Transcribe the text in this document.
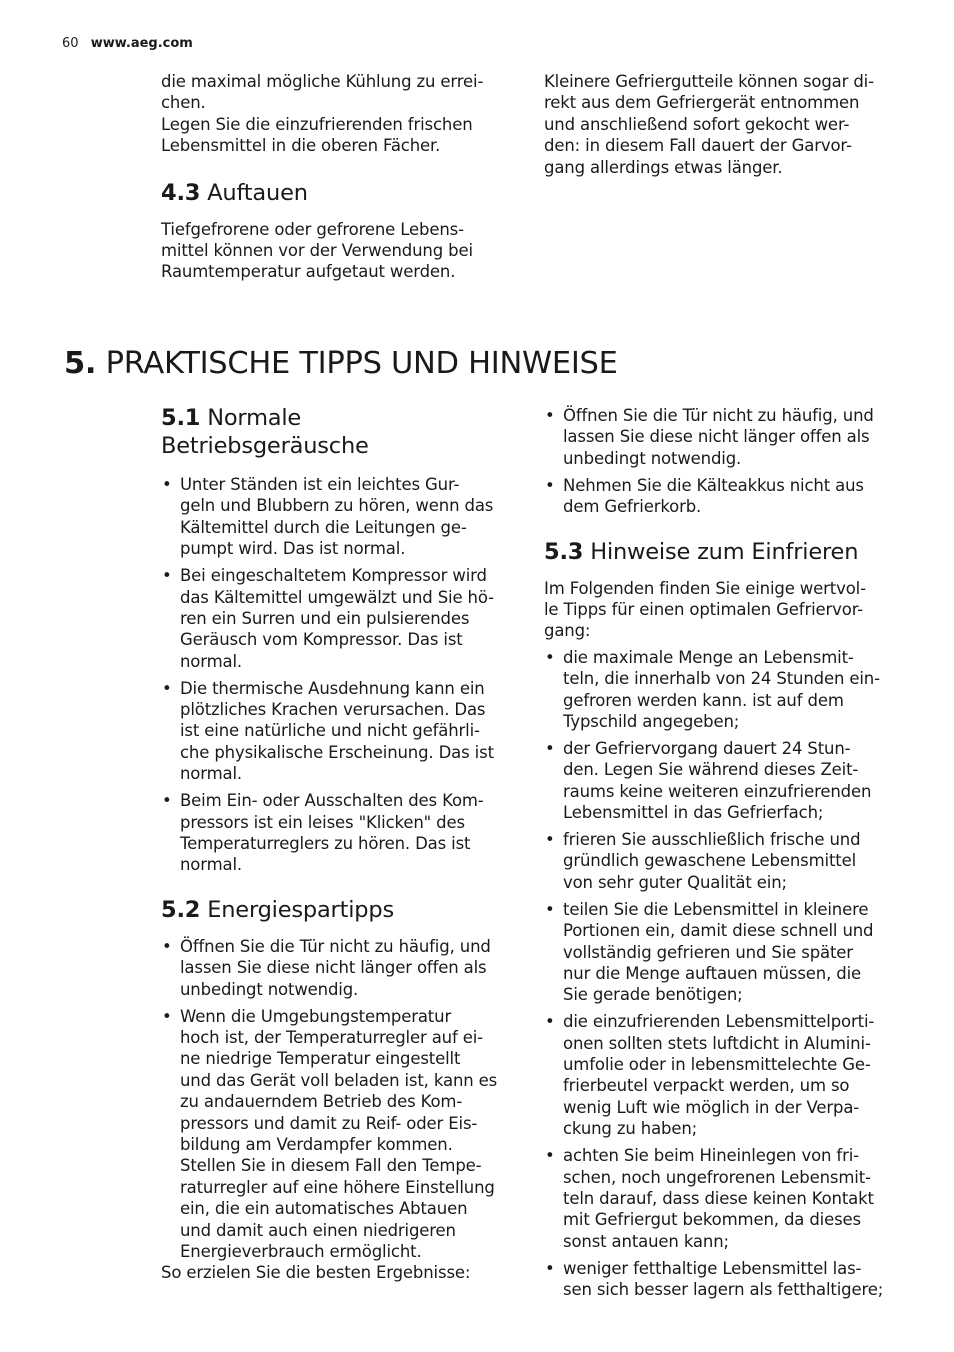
60 www.aeg.com

die maximal mögliche Kühlung zu errei-
chen.
Legen Sie die einzufrierenden frischen
Lebensmittel in die oberen Fächer.

4.3 Auftauen

Tiefgefrorene oder gefrorene Lebens-
mittel können vor der Verwendung bei
Raumtemperatur aufgetaut werden.

Kleinere Gefriergutteile können sogar di-
rekt aus dem Gefriergerät entnommen
und anschließend sofort gekocht wer-
den: in diesem Fall dauert der Garvor-
gang allerdings etwas länger.

5. PRAKTISCHE TIPPS UND HINWEISE
5.1 Normale
Betriebsgeräusche
• Unter Ständen ist ein leichtes Gur-
geln und Blubbern zu hören, wenn das
Kältemittel durch die Leitungen ge-
pumpt wird. Das ist normal.
• Bei eingeschaltetem Kompressor wird
das Kältemittel umgewälzt und Sie hö-
ren ein Surren und ein pulsierendes
Geräusch vom Kompressor. Das ist
normal.
• Die thermische Ausdehnung kann ein
plötzliches Krachen verursachen. Das
ist eine natürliche und nicht gefährli-
che physikalische Erscheinung. Das ist
normal.
• Beim Ein- oder Ausschalten des Kom-
pressors ist ein leises "Klicken" des
Temperaturreglers zu hören. Das ist
normal.
5.2 Energiespartipps
• Öffnen Sie die Tür nicht zu häufig, und
lassen Sie diese nicht länger offen als
unbedingt notwendig.
• Wenn die Umgebungstemperatur
hoch ist, der Temperaturregler auf ei-
ne niedrige Temperatur eingestellt
und das Gerät voll beladen ist, kann es
zu andauerndem Betrieb des Kom-
pressors und damit zu Reif- oder Eis-
bildung am Verdampfer kommen.
Stellen Sie in diesem Fall den Tempe-
raturregler auf eine höhere Einstellung
ein, die ein automatisches Abtauen
und damit auch einen niedrigeren
Energieverbrauch ermöglicht.

So erzielen Sie die besten Ergebnisse:

• Öffnen Sie die Tür nicht zu häufig, und
lassen Sie diese nicht länger offen als
unbedingt notwendig.
• Nehmen Sie die Kälteakkus nicht aus
dem Gefrierkorb.
5.3 Hinweise zum Einfrieren

Im Folgenden finden Sie einige wertvol-
le Tipps für einen optimalen Gefriervor-
gang:

• die maximale Menge an Lebensmit-
teln, die innerhalb von 24 Stunden ein-
gefroren werden kann. ist auf dem
Typschild angegeben;
• der Gefriervorgang dauert 24 Stun-
den. Legen Sie während dieses Zeit-
raums keine weiteren einzufrierenden
Lebensmittel in das Gefrierfach;
• frieren Sie ausschließlich frische und
gründlich gewaschene Lebensmittel
von sehr guter Qualität ein;
• teilen Sie die Lebensmittel in kleinere
Portionen ein, damit diese schnell und
vollständig gefrieren und Sie später
nur die Menge auftauen müssen, die
Sie gerade benötigen;
• die einzufrierenden Lebensmittelporti-
onen sollten stets luftdicht in Alumini-
umfolie oder in lebensmittelechte Ge-
frierbeutel verpackt werden, um so
wenig Luft wie möglich in der Verpa-
ckung zu haben;
• achten Sie beim Hineinlegen von fri-
schen, noch ungefrorenen Lebensmit-
teln darauf, dass diese keinen Kontakt
mit Gefriergut bekommen, da dieses
sonst antauen kann;
• weniger fetthaltige Lebensmittel las-
sen sich besser lagern als fetthaltigere;
